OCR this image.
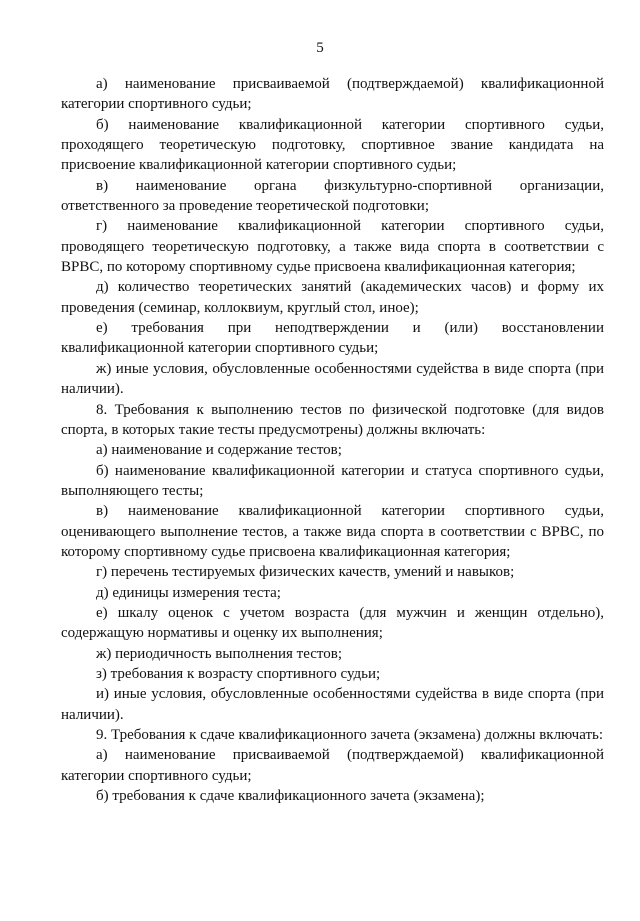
5

а) наименование присваиваемой (подтверждаемой) квалификационной категории спортивного судьи;

б) наименование квалификационной категории спортивного судьи, проходящего теоретическую подготовку, спортивное звание кандидата на присвоение квалификационной категории спортивного судьи;

в) наименование органа физкультурно-спортивной организации, ответственного за проведение теоретической подготовки;

г) наименование квалификационной категории спортивного судьи, проводящего теоретическую подготовку, а также вида спорта в соответствии с ВРВС, по которому спортивному судье присвоена квалификационная категория;

д) количество теоретических занятий (академических часов) и форму их проведения (семинар, коллоквиум, круглый стол, иное);

е) требования при неподтверждении и (или) восстановлении квалификационной категории спортивного судьи;

ж) иные условия, обусловленные особенностями судейства в виде спорта (при наличии).

8. Требования к выполнению тестов по физической подготовке (для видов спорта, в которых такие тесты предусмотрены) должны включать:

а) наименование и содержание тестов;

б) наименование квалификационной категории и статуса спортивного судьи, выполняющего тесты;

в) наименование квалификационной категории спортивного судьи, оценивающего выполнение тестов, а также вида спорта в соответствии с ВРВС, по которому спортивному судье присвоена квалификационная категория;

г) перечень тестируемых физических качеств, умений и навыков;

д) единицы измерения теста;

е) шкалу оценок с учетом возраста (для мужчин и женщин отдельно), содержащую нормативы и оценку их выполнения;

ж) периодичность выполнения тестов;

з) требования к возрасту спортивного судьи;

и) иные условия, обусловленные особенностями судейства в виде спорта (при наличии).

9. Требования к сдаче квалификационного зачета (экзамена) должны включать:

а) наименование присваиваемой (подтверждаемой) квалификационной категории спортивного судьи;

б) требования к сдаче квалификационного зачета (экзамена);
